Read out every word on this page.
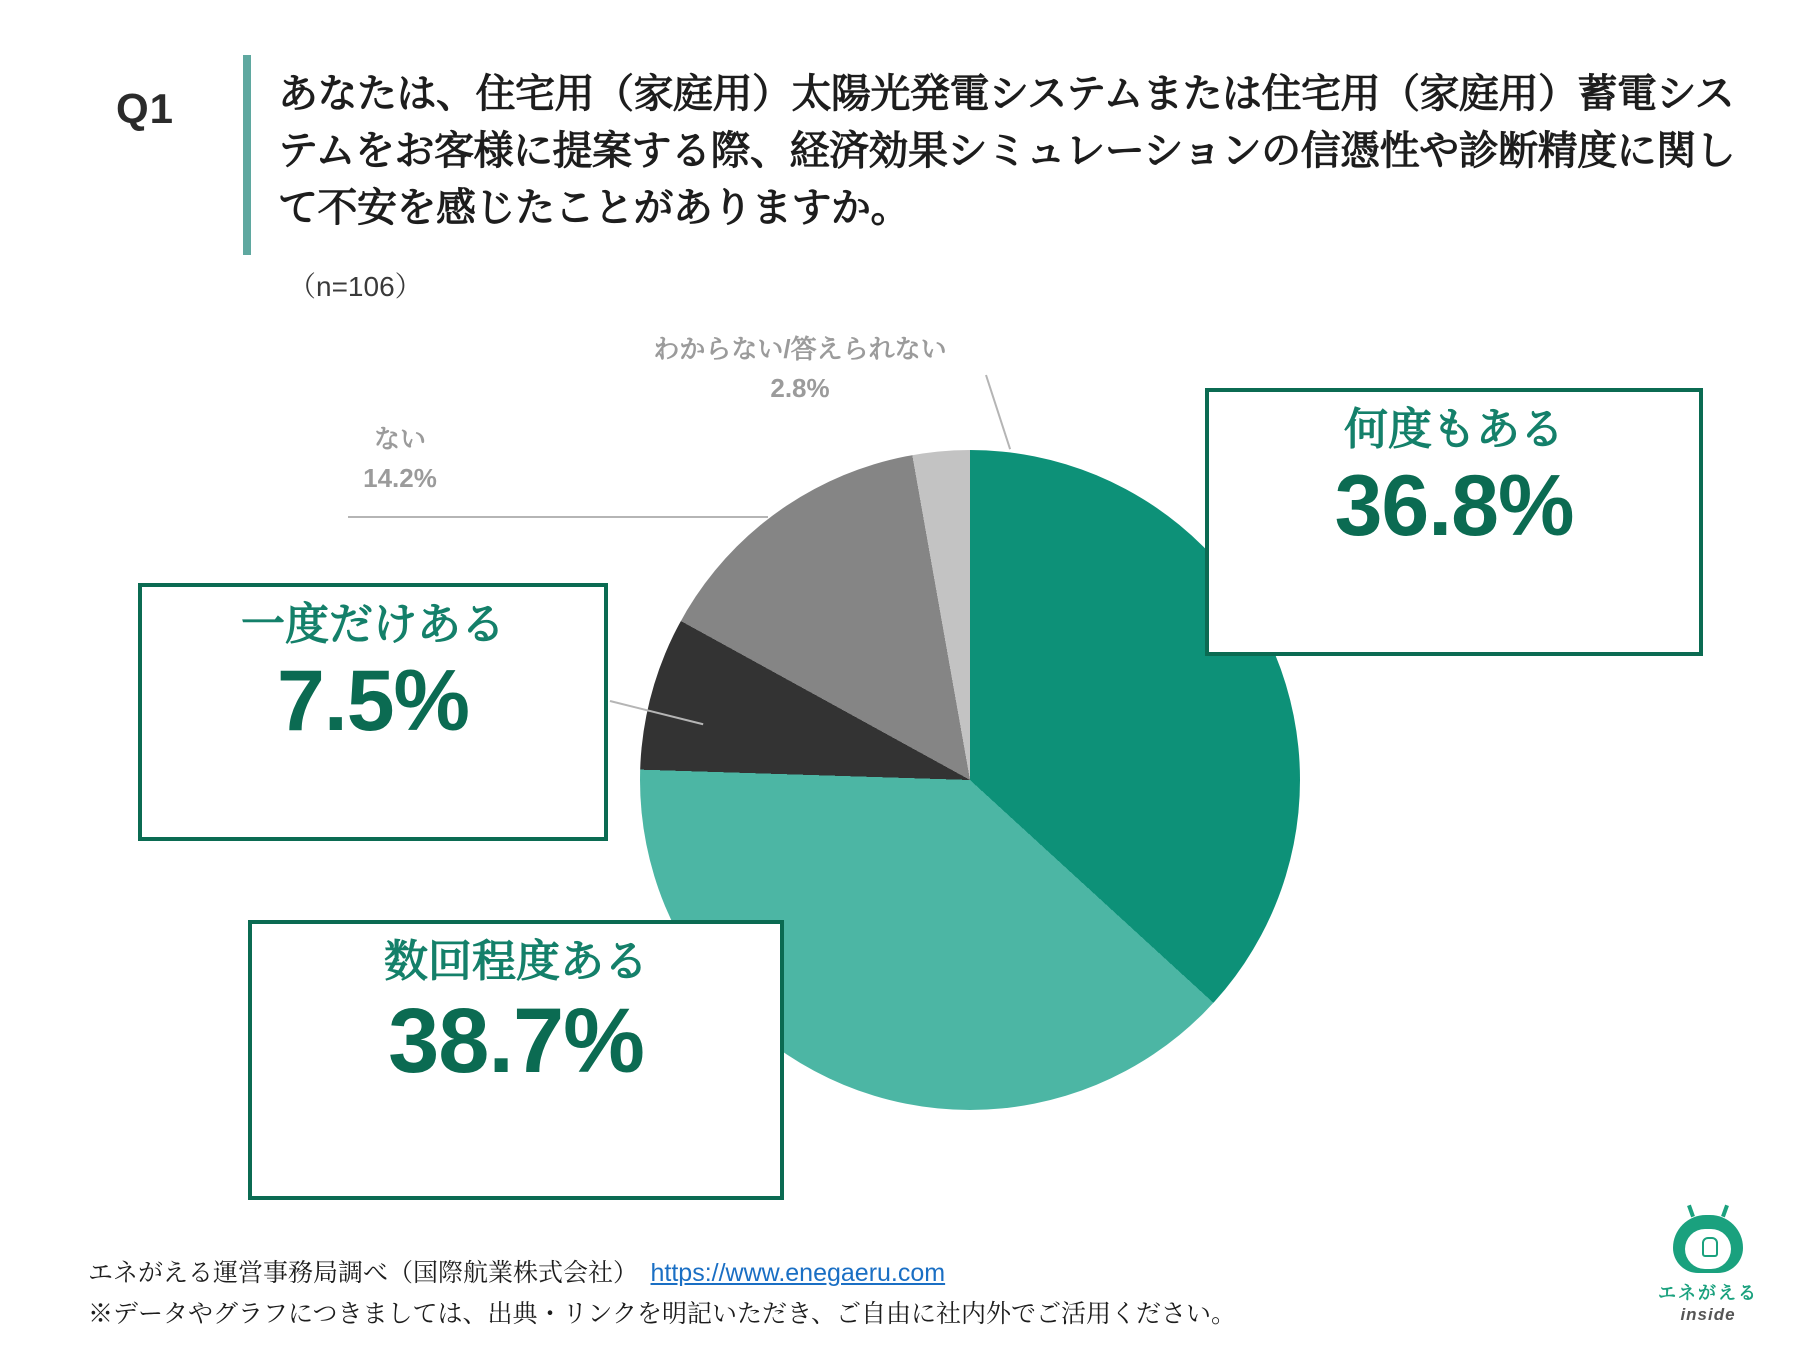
Q1	あなたは、住宅用（家庭用）太陽光発電システムまたは住宅用（家庭用）蓄電システムをお客様に提案する際、経済効果シミュレーションの信憑性や診断精度に関して不安を感じたことがありますか。
（n=106）
わからない/答えられない
2.8%
ない
14.2%
何度もある
36.8%
一度だけある
7.5%
数回程度ある
38.7%
エネがえる運営事務局調べ（国際航業株式会社）　https://www.enegaeru.com
※データやグラフにつきましては、出典・リンクを明記いただき、ご自由に社内外でご活用ください。
エネがえる
inside
